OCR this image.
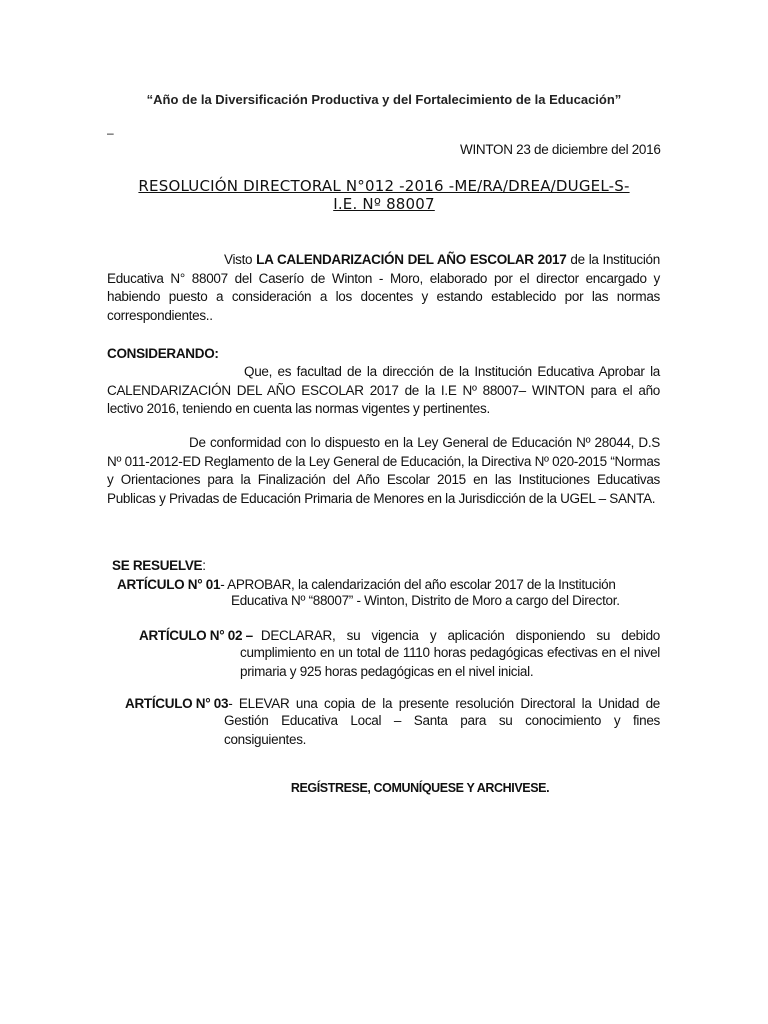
“Año de la Diversificación Productiva y del Fortalecimiento de la Educación”
–
WINTON 23 de diciembre del 2016
RESOLUCIÓN DIRECTORAL N°012 -2016 -ME/RA/DREA/DUGEL-S-
I.E. Nº 88007
Visto LA CALENDARIZACIÓN DEL AÑO ESCOLAR 2017 de la Institución Educativa N° 88007 del Caserío de Winton - Moro, elaborado por el director encargado y habiendo puesto a consideración a los docentes y estando establecido por las normas correspondientes..
CONSIDERANDO:
Que, es facultad de la dirección de la Institución Educativa Aprobar la CALENDARIZACIÓN DEL AÑO ESCOLAR 2017 de la I.E Nº 88007– WINTON para el año lectivo 2016, teniendo en cuenta las normas vigentes y pertinentes.
De conformidad con lo dispuesto en la Ley General de Educación Nº 28044, D.S Nº 011-2012-ED Reglamento de la Ley General de Educación, la Directiva Nº 020-2015 “Normas y Orientaciones para la Finalización del Año Escolar 2015 en las Instituciones Educativas Publicas y Privadas de Educación Primaria de Menores en la Jurisdicción de la UGEL – SANTA.
SE RESUELVE:
ARTÍCULO N° 01- APROBAR, la calendarización del año escolar 2017 de la Institución
Educativa Nº “88007” - Winton, Distrito de Moro a cargo del Director.
ARTÍCULO N° 02 – DECLARAR, su vigencia y aplicación disponiendo su debido
cumplimiento en un total de 1110 horas pedagógicas efectivas en el nivel primaria y 925 horas pedagógicas en el nivel inicial.
ARTÍCULO N° 03 - ELEVAR una copia de la presente resolución Directoral la Unidad de
Gestión Educativa Local – Santa para su conocimiento y fines consiguientes.
REGÍSTRESE, COMUNÍQUESE Y ARCHIVESE.
